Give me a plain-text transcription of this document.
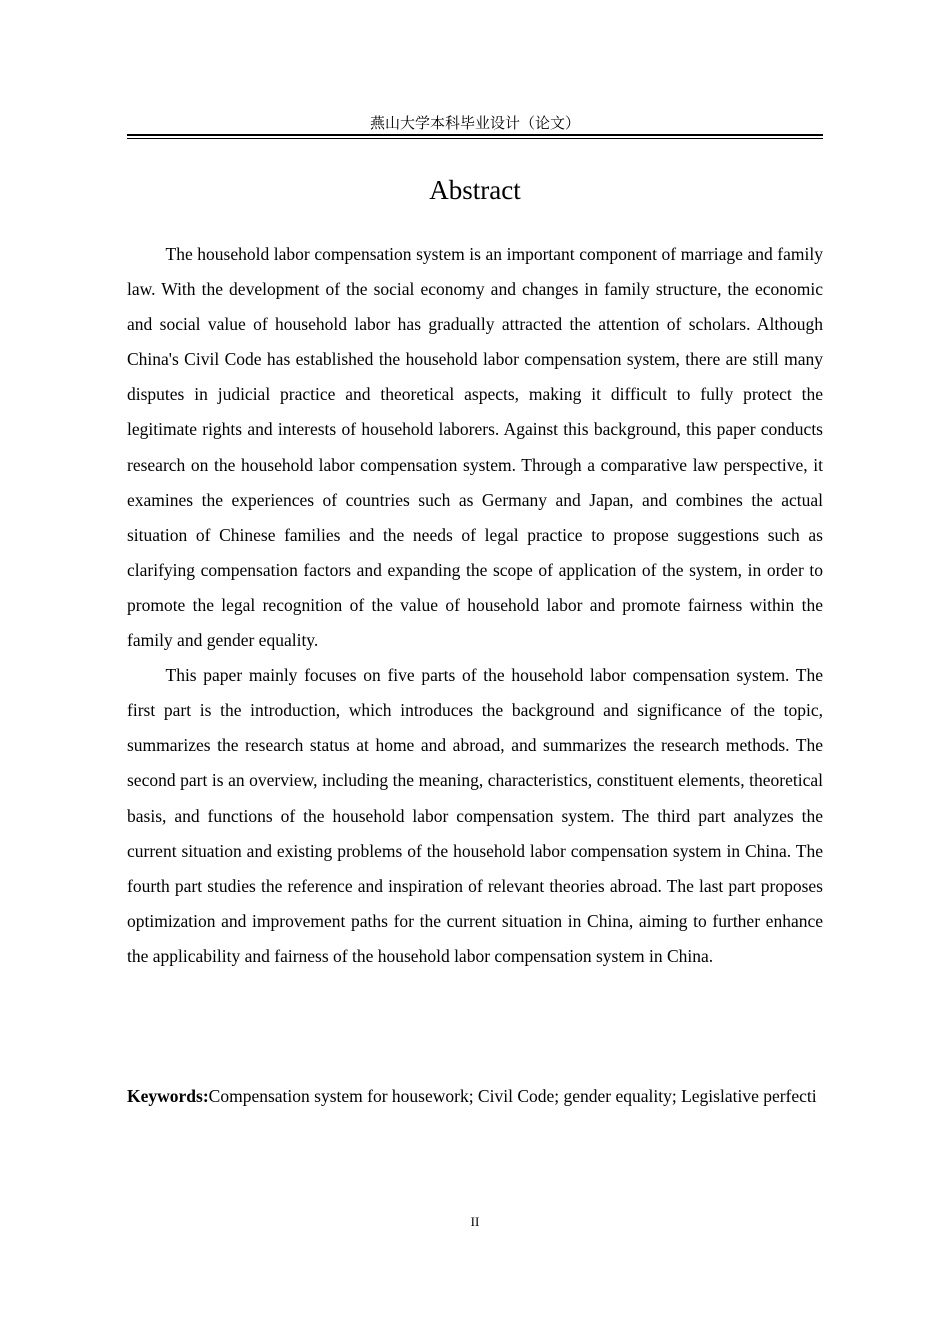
燕山大学本科毕业设计（论文）
Abstract

The household labor compensation system is an important component of marriage and family law. With the development of the social economy and changes in family structure, the economic and social value of household labor has gradually attracted the attention of scholars. Although China's Civil Code has established the household labor compensation system, there are still many disputes in judicial practice and theoretical aspects, making it difficult to fully protect the legitimate rights and interests of household laborers. Against this background, this paper conducts research on the household labor compensation system. Through a comparative law perspective, it examines the experiences of countries such as Germany and Japan, and combines the actual situation of Chinese families and the needs of legal practice to propose suggestions such as clarifying compensation factors and expanding the scope of application of the system, in order to promote the legal recognition of the value of household labor and promote fairness within the family and gender equality.

This paper mainly focuses on five parts of the household labor compensation system. The first part is the introduction, which introduces the background and significance of the topic, summarizes the research status at home and abroad, and summarizes the research methods. The second part is an overview, including the meaning, characteristics, constituent elements, theoretical basis, and functions of the household labor compensation system. The third part analyzes the current situation and existing problems of the household labor compensation system in China. The fourth part studies the reference and inspiration of relevant theories abroad. The last part proposes optimization and improvement paths for the current situation in China, aiming to further enhance the applicability and fairness of the household labor compensation system in China.

Keywords:Compensation system for housework; Civil Code; gender equality; Legislative perfecti
II
